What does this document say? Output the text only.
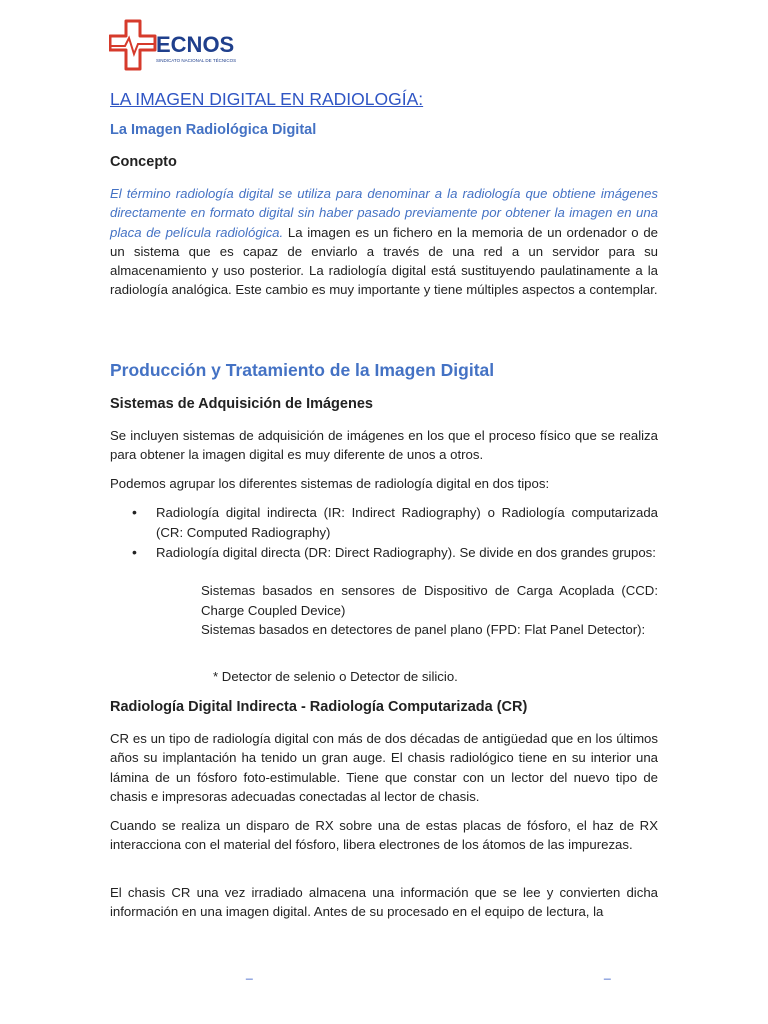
ECNOS
SINDICATO NACIONAL DE TÉCNICOS
LA IMAGEN DIGITAL EN RADIOLOGÍA:
La Imagen Radiológica Digital
Concepto

El término radiología digital se utiliza para denominar a la radiología que obtiene imágenes directamente en formato digital sin haber pasado previamente por obtener la imagen en una placa de película radiológica. La imagen es un fichero en la memoria de un ordenador o de un sistema que es capaz de enviarlo a través de una red a un servidor para su almacenamiento y uso posterior. La radiología digital está sustituyendo paulatinamente a la radiología analógica. Este cambio es muy importante y tiene múltiples aspectos a contemplar.

Producción y Tratamiento de la Imagen Digital
Sistemas de Adquisición de Imágenes

Se incluyen sistemas de adquisición de imágenes en los que el proceso físico que se realiza para obtener la imagen digital es muy diferente de unos a otros.

Podemos agrupar los diferentes sistemas de radiología digital en dos tipos:

• Radiología digital indirecta (IR: Indirect Radiography) o Radiología computarizada (CR: Computed Radiography)
• Radiología digital directa (DR: Direct Radiography). Se divide en dos grandes grupos:
Sistemas basados en sensores de Dispositivo de Carga Acoplada (CCD: Charge Coupled Device)
Sistemas basados en detectores de panel plano (FPD: Flat Panel Detector):

* Detector de selenio o Detector de silicio.

Radiología Digital Indirecta - Radiología Computarizada (CR)

CR es un tipo de radiología digital con más de dos décadas de antigüedad que en los últimos años su implantación ha tenido un gran auge. El chasis radiológico tiene en su interior una lámina de un fósforo foto-estimulable. Tiene que constar con un lector del nuevo tipo de chasis e impresoras adecuadas conectadas al lector de chasis.

Cuando se realiza un disparo de RX sobre una de estas placas de fósforo, el haz de RX interacciona con el material del fósforo, libera electrones de los átomos de las impurezas.

El chasis CR una vez irradiado almacena una información que se lee y convierten dicha información en una imagen digital. Antes de su procesado en el equipo de lectura, la

_	_
